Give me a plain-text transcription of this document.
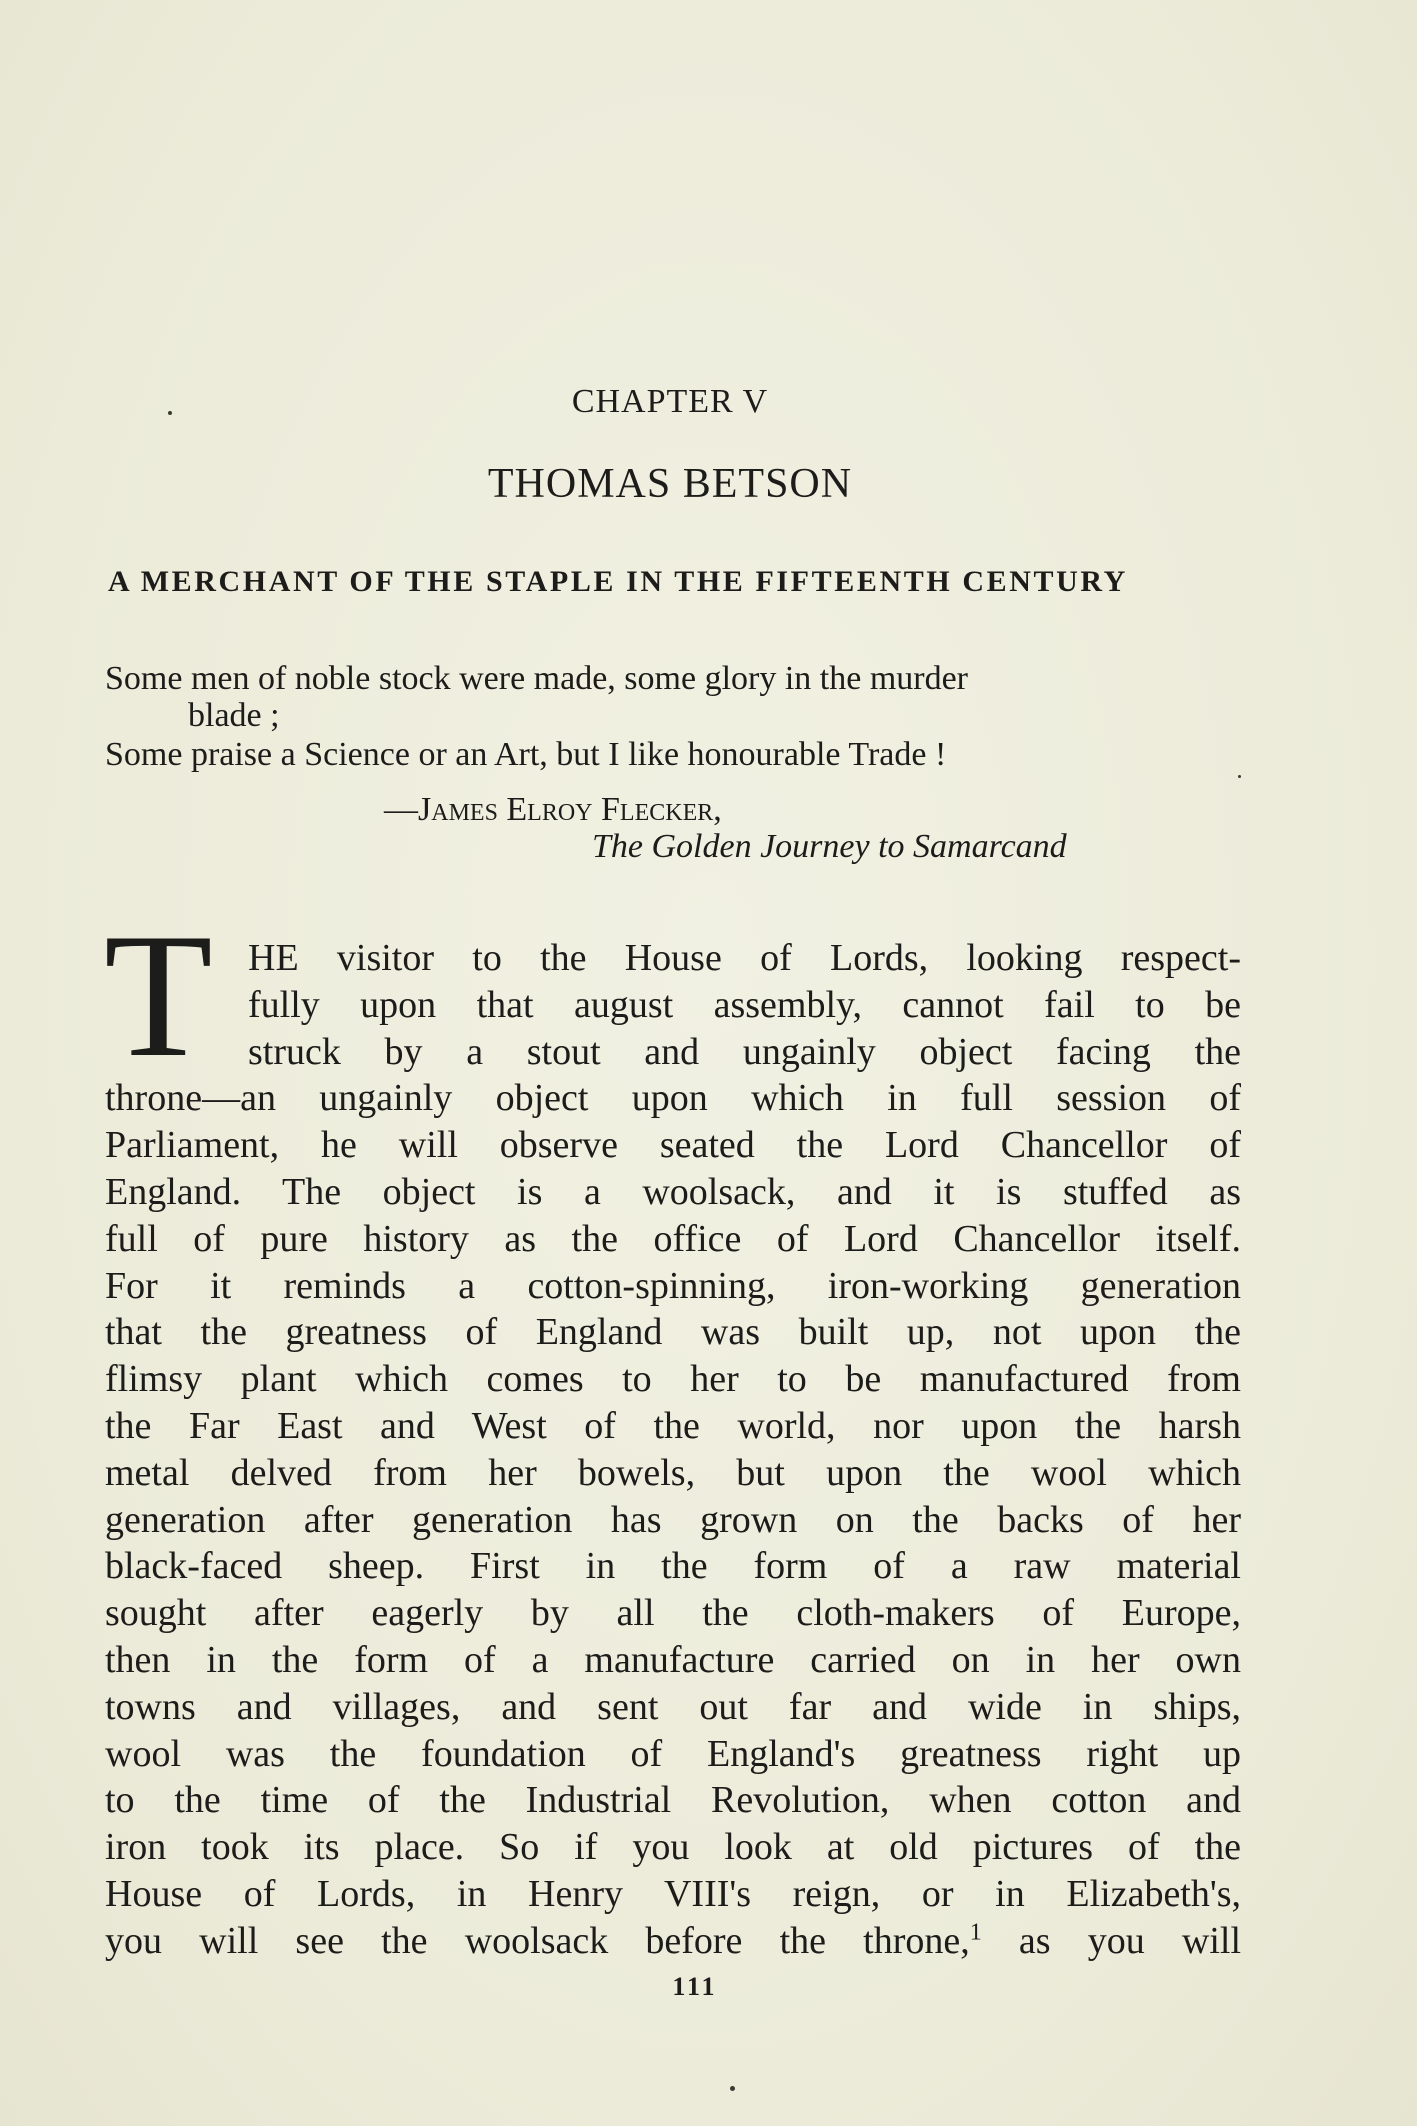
CHAPTER V
THOMAS BETSON
A MERCHANT OF THE STAPLE IN THE FIFTEENTH CENTURY
Some men of noble stock were made, some glory in the murder
blade ;
Some praise a Science or an Art, but I like honourable Trade !
—James Elroy Flecker,
The Golden Journey to Samarcand
T HE visitor to the House of Lords, looking respect-
fully upon that august assembly, cannot fail to be
struck by a stout and ungainly object facing the
throne—an ungainly object upon which in full session of
Parliament, he will observe seated the Lord Chancellor of
England. The object is a woolsack, and it is stuffed as
full of pure history as the office of Lord Chancellor itself.
For it reminds a cotton-spinning, iron-working generation
that the greatness of England was built up, not upon the
flimsy plant which comes to her to be manufactured from
the Far East and West of the world, nor upon the harsh
metal delved from her bowels, but upon the wool which
generation after generation has grown on the backs of her
black-faced sheep. First in the form of a raw material
sought after eagerly by all the cloth-makers of Europe,
then in the form of a manufacture carried on in her own
towns and villages, and sent out far and wide in ships,
wool was the foundation of England's greatness right up
to the time of the Industrial Revolution, when cotton and
iron took its place. So if you look at old pictures of the
House of Lords, in Henry VIII's reign, or in Elizabeth's,
you will see the woolsack before the throne,$^1$ as you will
111
